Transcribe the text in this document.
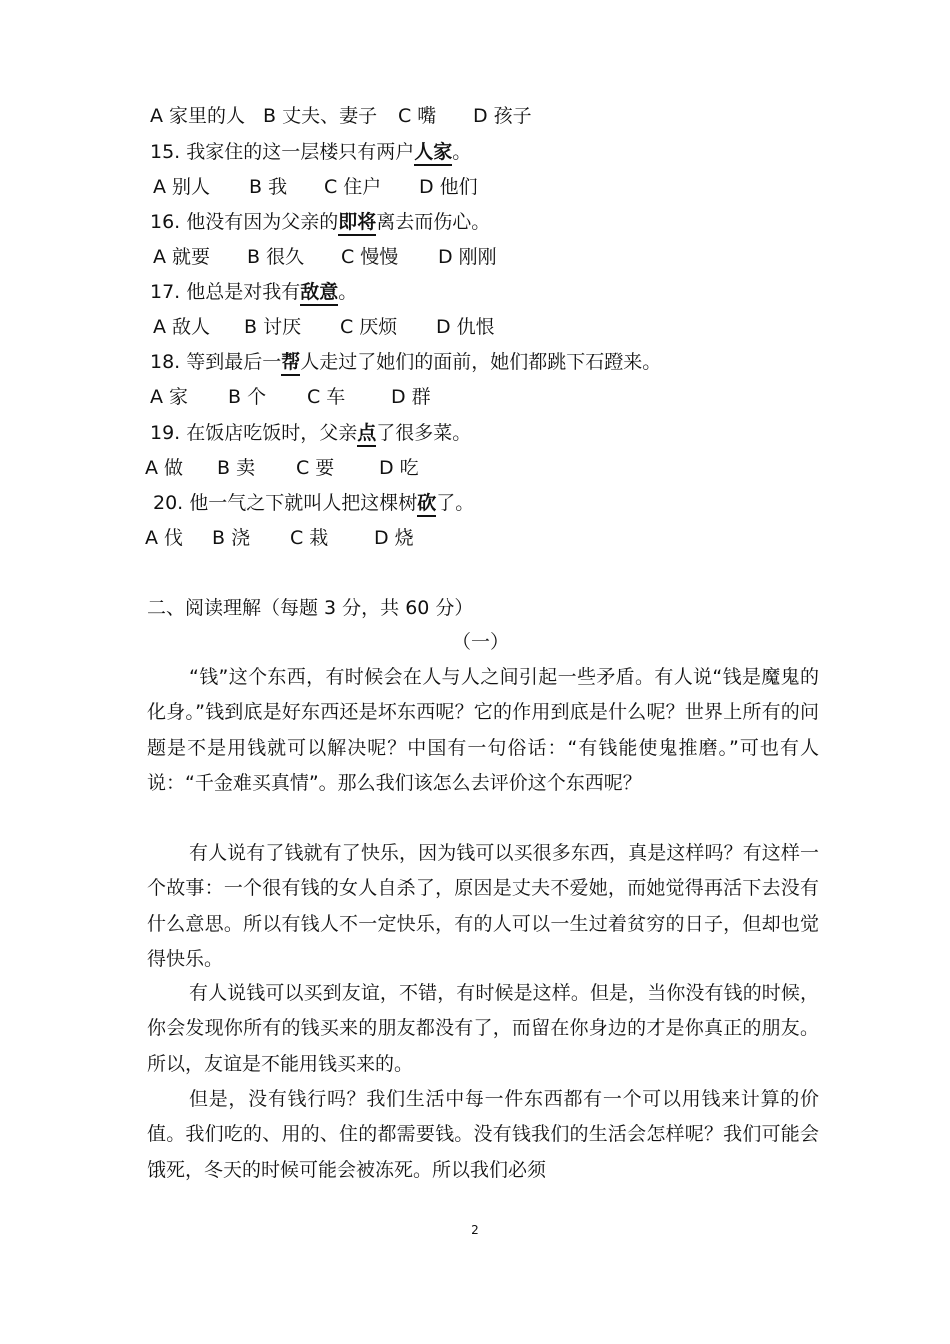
A 家里的人 B 丈夫、妻子 C 嘴 D 孩子
15. 我家住的这一层楼只有两户人家。
A 别人 B 我 C 住户 D 他们
16. 他没有因为父亲的即将离去而伤心。
A 就要 B 很久 C 慢慢 D 刚刚
17. 他总是对我有敌意。
A 敌人 B 讨厌 C 厌烦 D 仇恨
18. 等到最后一帮人走过了她们的面前，她们都跳下石蹬来。
A 家 B 个 C 车 D 群
19. 在饭店吃饭时，父亲点了很多菜。
A 做 B 卖 C 要 D 吃
20. 他一气之下就叫人把这棵树砍了。
A 伐 B 浇 C 栽 D 烧
二、阅读理解（每题 3 分，共 60 分）
（一）

“钱”这个东西，有时候会在人与人之间引起一些矛盾。有人说“钱是魔鬼的化身。”钱到底是好东西还是坏东西呢？它的作用到底是什么呢？世界上所有的问题是不是用钱就可以解决呢？中国有一句俗话：“有钱能使鬼推磨。”可也有人说：“千金难买真情”。那么我们该怎么去评价这个东西呢？

有人说有了钱就有了快乐，因为钱可以买很多东西，真是这样吗？有这样一个故事：一个很有钱的女人自杀了，原因是丈夫不爱她，而她觉得再活下去没有什么意思。所以有钱人不一定快乐，有的人可以一生过着贫穷的日子，但却也觉得快乐。

有人说钱可以买到友谊，不错，有时候是这样。但是，当你没有钱的时候，你会发现你所有的钱买来的朋友都没有了，而留在你身边的才是你真正的朋友。所以，友谊是不能用钱买来的。

但是，没有钱行吗？我们生活中每一件东西都有一个可以用钱来计算的价值。我们吃的、用的、住的都需要钱。没有钱我们的生活会怎样呢？我们可能会饿死，冬天的时候可能会被冻死。所以我们必须

2
